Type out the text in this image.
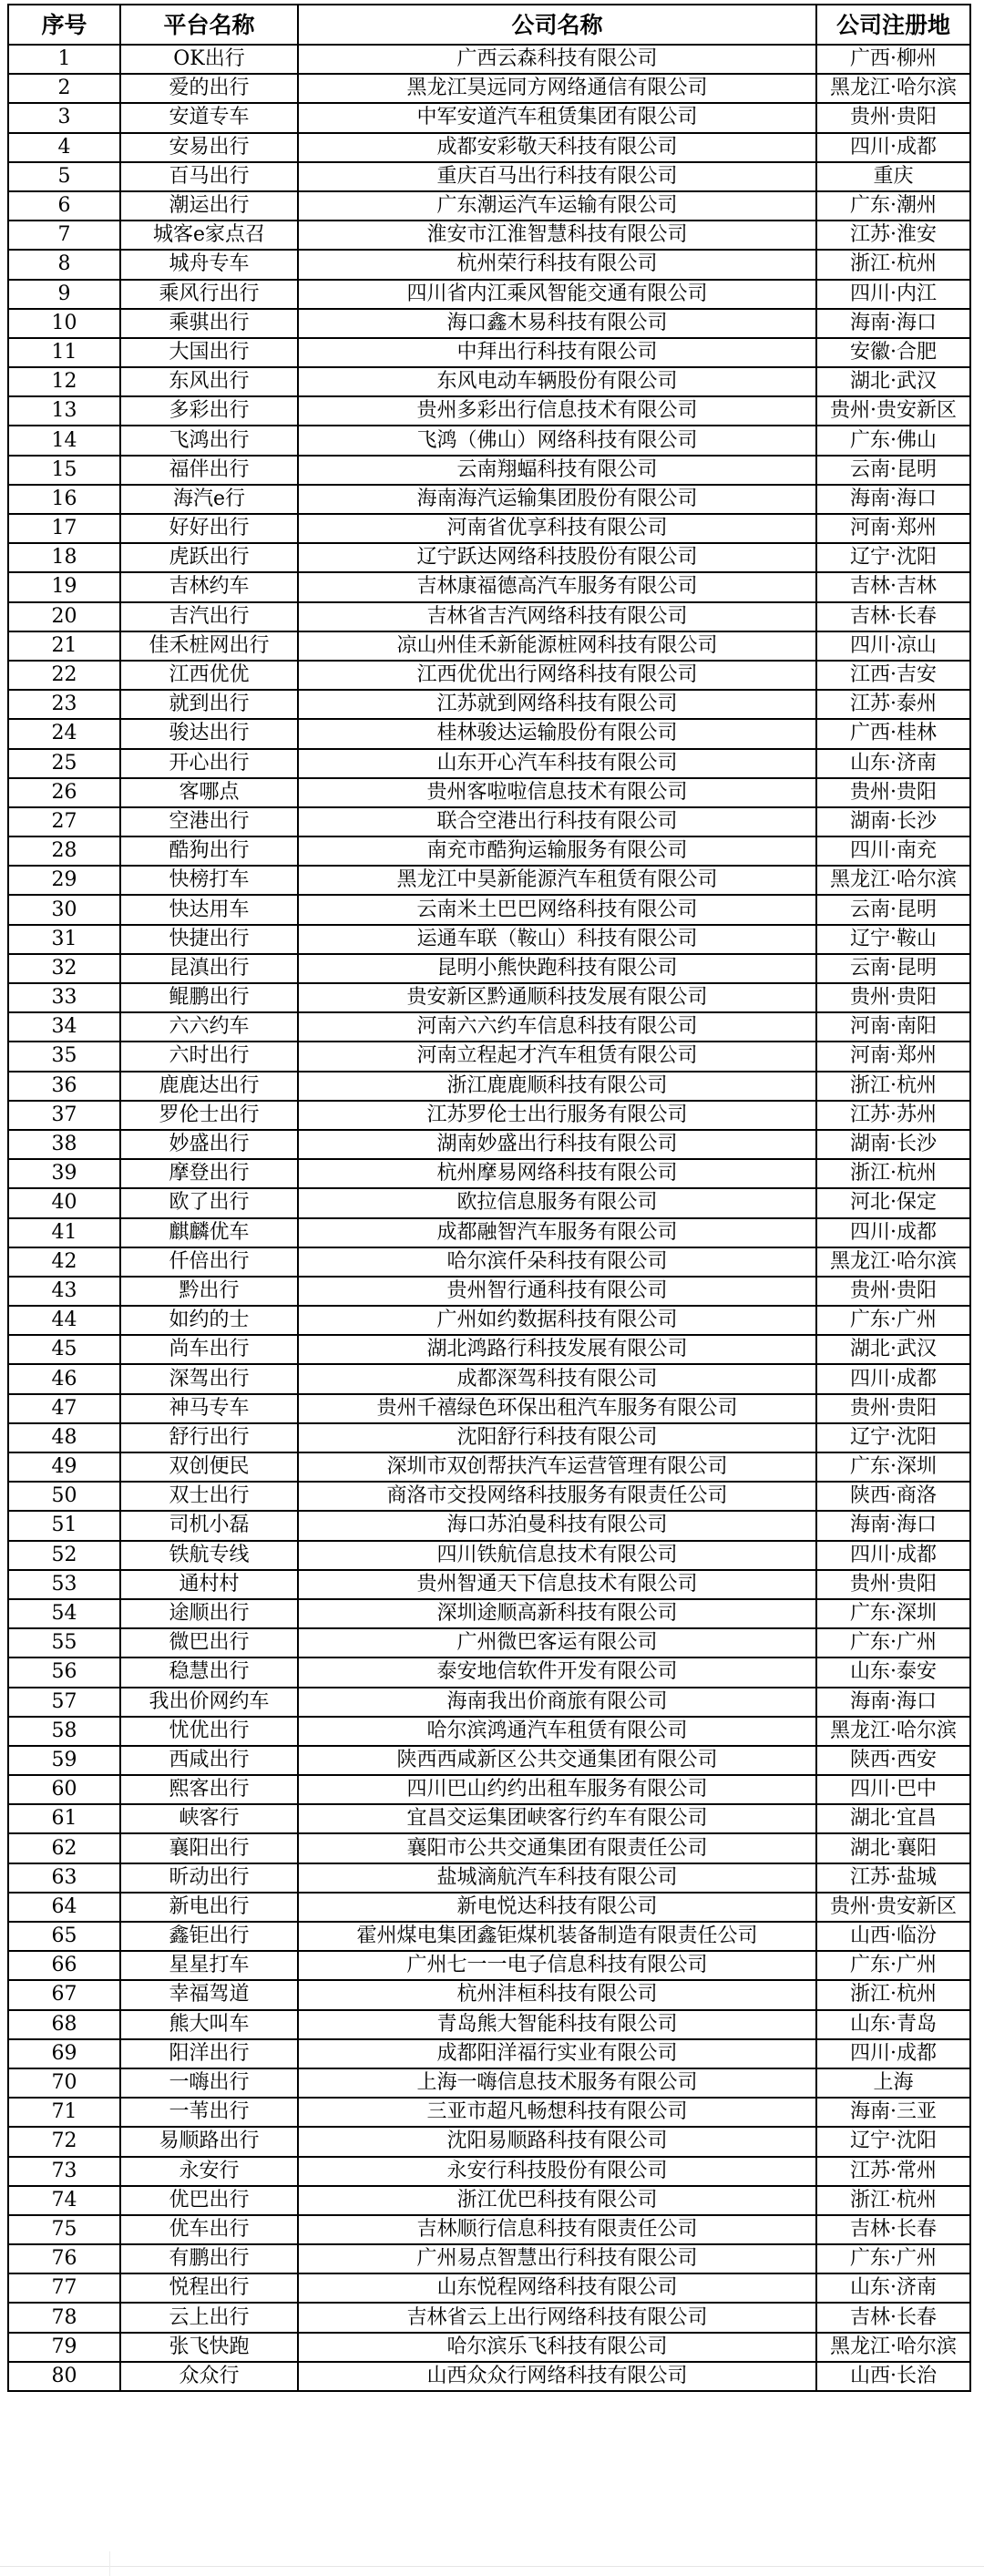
序号	平台名称	公司名称	公司注册地
1	OK出行	广西云森科技有限公司	广西·柳州
2	爱的出行	黑龙江昊远同方网络通信有限公司	黑龙江·哈尔滨
3	安道专车	中军安道汽车租赁集团有限公司	贵州·贵阳
4	安易出行	成都安彩敬天科技有限公司	四川·成都
5	百马出行	重庆百马出行科技有限公司	重庆
6	潮运出行	广东潮运汽车运输有限公司	广东·潮州
7	城客e家点召	淮安市江淮智慧科技有限公司	江苏·淮安
8	城舟专车	杭州荣行科技有限公司	浙江·杭州
9	乘风行出行	四川省内江乘风智能交通有限公司	四川·内江
10	乘骐出行	海口鑫木易科技有限公司	海南·海口
11	大国出行	中拜出行科技有限公司	安徽·合肥
12	东风出行	东风电动车辆股份有限公司	湖北·武汉
13	多彩出行	贵州多彩出行信息技术有限公司	贵州·贵安新区
14	飞鸿出行	飞鸿（佛山）网络科技有限公司	广东·佛山
15	福伴出行	云南翔蝠科技有限公司	云南·昆明
16	海汽e行	海南海汽运输集团股份有限公司	海南·海口
17	好好出行	河南省优享科技有限公司	河南·郑州
18	虎跃出行	辽宁跃达网络科技股份有限公司	辽宁·沈阳
19	吉林约车	吉林康福德高汽车服务有限公司	吉林·吉林
20	吉汽出行	吉林省吉汽网络科技有限公司	吉林·长春
21	佳禾桩网出行	凉山州佳禾新能源桩网科技有限公司	四川·凉山
22	江西优优	江西优优出行网络科技有限公司	江西·吉安
23	就到出行	江苏就到网络科技有限公司	江苏·泰州
24	骏达出行	桂林骏达运输股份有限公司	广西·桂林
25	开心出行	山东开心汽车科技有限公司	山东·济南
26	客哪点	贵州客啦啦信息技术有限公司	贵州·贵阳
27	空港出行	联合空港出行科技有限公司	湖南·长沙
28	酷狗出行	南充市酷狗运输服务有限公司	四川·南充
29	快榜打车	黑龙江中昊新能源汽车租赁有限公司	黑龙江·哈尔滨
30	快达用车	云南米土巴巴网络科技有限公司	云南·昆明
31	快捷出行	运通车联（鞍山）科技有限公司	辽宁·鞍山
32	昆滇出行	昆明小熊快跑科技有限公司	云南·昆明
33	鲲鹏出行	贵安新区黔通顺科技发展有限公司	贵州·贵阳
34	六六约车	河南六六约车信息科技有限公司	河南·南阳
35	六时出行	河南立程起才汽车租赁有限公司	河南·郑州
36	鹿鹿达出行	浙江鹿鹿顺科技有限公司	浙江·杭州
37	罗伦士出行	江苏罗伦士出行服务有限公司	江苏·苏州
38	妙盛出行	湖南妙盛出行科技有限公司	湖南·长沙
39	摩登出行	杭州摩易网络科技有限公司	浙江·杭州
40	欧了出行	欧拉信息服务有限公司	河北·保定
41	麒麟优车	成都融智汽车服务有限公司	四川·成都
42	仟倍出行	哈尔滨仟朵科技有限公司	黑龙江·哈尔滨
43	黔出行	贵州智行通科技有限公司	贵州·贵阳
44	如约的士	广州如约数据科技有限公司	广东·广州
45	尚车出行	湖北鸿路行科技发展有限公司	湖北·武汉
46	深驾出行	成都深驾科技有限公司	四川·成都
47	神马专车	贵州千禧绿色环保出租汽车服务有限公司	贵州·贵阳
48	舒行出行	沈阳舒行科技有限公司	辽宁·沈阳
49	双创便民	深圳市双创帮扶汽车运营管理有限公司	广东·深圳
50	双士出行	商洛市交投网络科技服务有限责任公司	陕西·商洛
51	司机小磊	海口苏泊曼科技有限公司	海南·海口
52	铁航专线	四川铁航信息技术有限公司	四川·成都
53	通村村	贵州智通天下信息技术有限公司	贵州·贵阳
54	途顺出行	深圳途顺高新科技有限公司	广东·深圳
55	微巴出行	广州微巴客运有限公司	广东·广州
56	稳慧出行	泰安地信软件开发有限公司	山东·泰安
57	我出价网约车	海南我出价商旅有限公司	海南·海口
58	忧优出行	哈尔滨鸿通汽车租赁有限公司	黑龙江·哈尔滨
59	西咸出行	陕西西咸新区公共交通集团有限公司	陕西·西安
60	熙客出行	四川巴山约约出租车服务有限公司	四川·巴中
61	峡客行	宜昌交运集团峡客行约车有限公司	湖北·宜昌
62	襄阳出行	襄阳市公共交通集团有限责任公司	湖北·襄阳
63	昕动出行	盐城滴航汽车科技有限公司	江苏·盐城
64	新电出行	新电悦达科技有限公司	贵州·贵安新区
65	鑫钜出行	霍州煤电集团鑫钜煤机装备制造有限责任公司	山西·临汾
66	星星打车	广州七一一电子信息科技有限公司	广东·广州
67	幸福驾道	杭州沣桓科技有限公司	浙江·杭州
68	熊大叫车	青岛熊大智能科技有限公司	山东·青岛
69	阳洋出行	成都阳洋福行实业有限公司	四川·成都
70	一嗨出行	上海一嗨信息技术服务有限公司	上海
71	一苇出行	三亚市超凡畅想科技有限公司	海南·三亚
72	易顺路出行	沈阳易顺路科技有限公司	辽宁·沈阳
73	永安行	永安行科技股份有限公司	江苏·常州
74	优巴出行	浙江优巴科技有限公司	浙江·杭州
75	优车出行	吉林顺行信息科技有限责任公司	吉林·长春
76	有鹏出行	广州易点智慧出行科技有限公司	广东·广州
77	悦程出行	山东悦程网络科技有限公司	山东·济南
78	云上出行	吉林省云上出行网络科技有限公司	吉林·长春
79	张飞快跑	哈尔滨乐飞科技有限公司	黑龙江·哈尔滨
80	众众行	山西众众行网络科技有限公司	山西·长治
